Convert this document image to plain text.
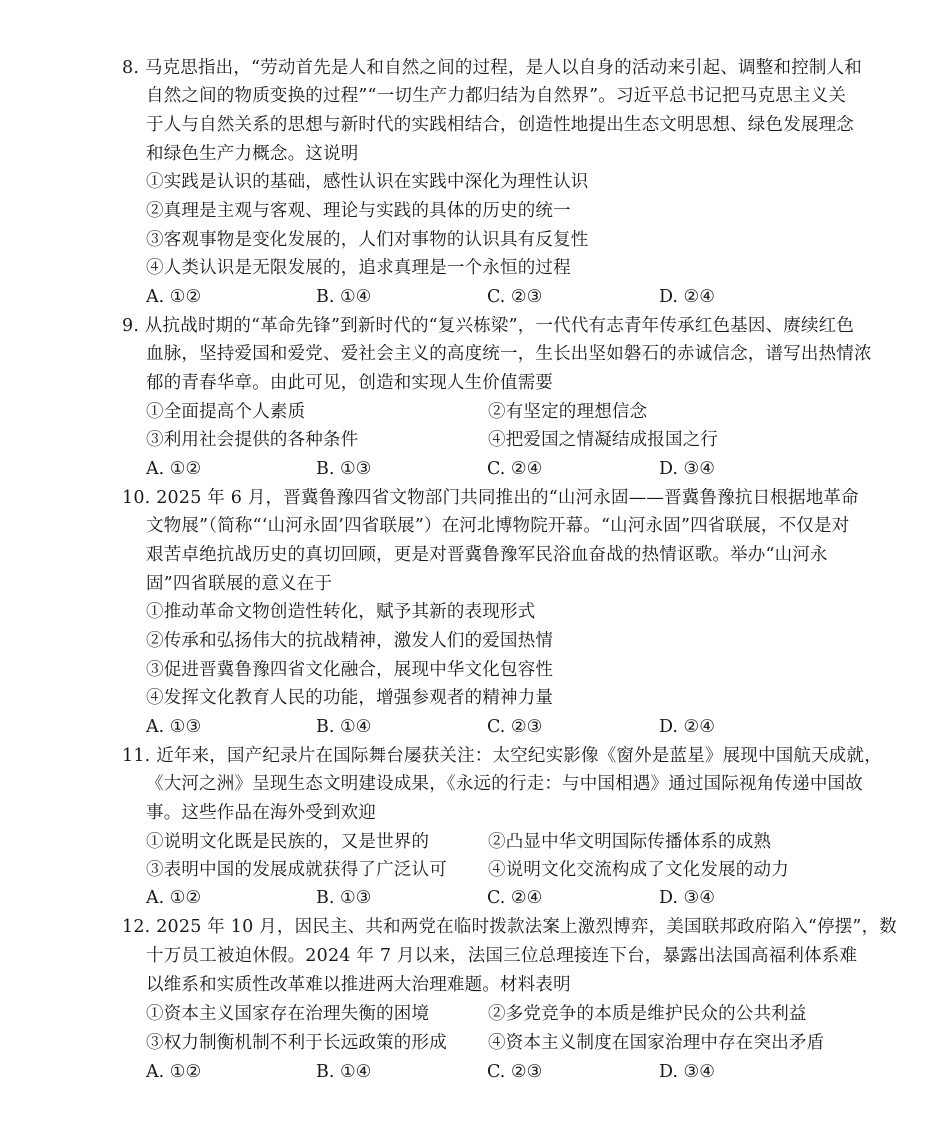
8. 马克思指出，“劳动首先是人和自然之间的过程，是人以自身的活动来引起、调整和控制人和
自然之间的物质变换的过程”“一切生产力都归结为自然界”。习近平总书记把马克思主义关
于人与自然关系的思想与新时代的实践相结合，创造性地提出生态文明思想、绿色发展理念
和绿色生产力概念。这说明
①实践是认识的基础，感性认识在实践中深化为理性认识
②真理是主观与客观、理论与实践的具体的历史的统一
③客观事物是变化发展的，人们对事物的认识具有反复性
④人类认识是无限发展的，追求真理是一个永恒的过程
A. ①②	B. ①④	C. ②③	D. ②④
9. 从抗战时期的“革命先锋”到新时代的“复兴栋梁”，一代代有志青年传承红色基因、赓续红色
血脉，坚持爱国和爱党、爱社会主义的高度统一，生长出坚如磐石的赤诚信念，谱写出热情浓
郁的青春华章。由此可见，创造和实现人生价值需要
①全面提高个人素质	②有坚定的理想信念
③利用社会提供的各种条件	④把爱国之情凝结成报国之行
A. ①②	B. ①③	C. ②④	D. ③④
10. 2025 年 6 月，晋冀鲁豫四省文物部门共同推出的“山河永固——晋冀鲁豫抗日根据地革命
文物展”（简称“‘山河永固’四省联展”）在河北博物院开幕。“山河永固”四省联展，不仅是对
艰苦卓绝抗战历史的真切回顾，更是对晋冀鲁豫军民浴血奋战的热情讴歌。举办“山河永
固”四省联展的意义在于
①推动革命文物创造性转化，赋予其新的表现形式
②传承和弘扬伟大的抗战精神，激发人们的爱国热情
③促进晋冀鲁豫四省文化融合，展现中华文化包容性
④发挥文化教育人民的功能，增强参观者的精神力量
A. ①③	B. ①④	C. ②③	D. ②④
11. 近年来，国产纪录片在国际舞台屡获关注：太空纪实影像《窗外是蓝星》展现中国航天成就，
《大河之洲》呈现生态文明建设成果，《永远的行走：与中国相遇》通过国际视角传递中国故
事。这些作品在海外受到欢迎
①说明文化既是民族的，又是世界的	②凸显中华文明国际传播体系的成熟
③表明中国的发展成就获得了广泛认可 ④说明文化交流构成了文化发展的动力
A. ①②	B. ①③	C. ②④	D. ③④
12. 2025 年 10 月，因民主、共和两党在临时拨款法案上激烈博弈，美国联邦政府陷入“停摆”，数
十万员工被迫休假。2024 年 7 月以来，法国三位总理接连下台，暴露出法国高福利体系难
以维系和实质性改革难以推进两大治理难题。材料表明
①资本主义国家存在治理失衡的困境	②多党竞争的本质是维护民众的公共利益
③权力制衡机制不利于长远政策的形成 ④资本主义制度在国家治理中存在突出矛盾
A. ①②	B. ①④	C. ②③	D. ③④
